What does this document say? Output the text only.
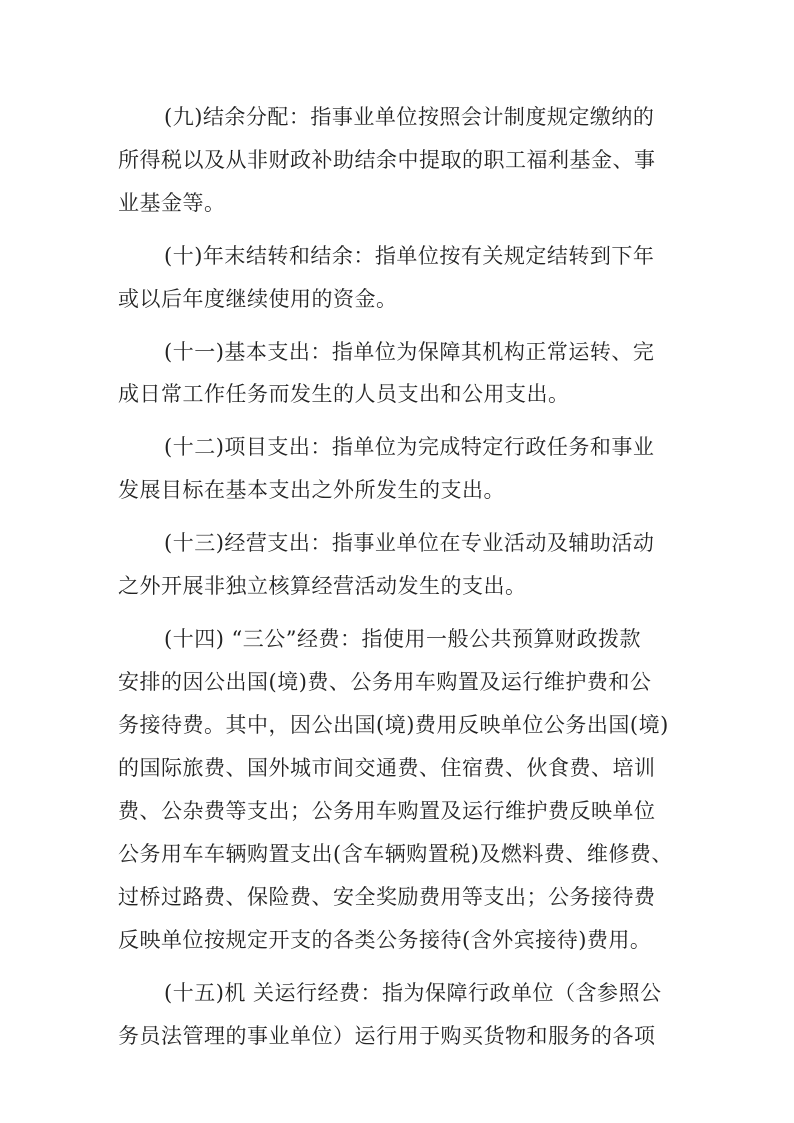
(九)结余分配：指事业单位按照会计制度规定缴纳的
所得税以及从非财政补助结余中提取的职工福利基金、事
业基金等。
(十)年末结转和结余：指单位按有关规定结转到下年
或以后年度继续使用的资金。
(十一)基本支出：指单位为保障其机构正常运转、完
成日常工作任务而发生的人员支出和公用支出。
(十二)项目支出：指单位为完成特定行政任务和事业
发展目标在基本支出之外所发生的支出。
(十三)经营支出：指事业单位在专业活动及辅助活动
之外开展非独立核算经营活动发生的支出。
(十四) “三公”经费：指使用一般公共预算财政拨款
安排的因公出国(境)费、公务用车购置及运行维护费和公
务接待费。其中，因公出国(境)费用反映单位公务出国(境)
的国际旅费、国外城市间交通费、住宿费、伙食费、培训
费、公杂费等支出；公务用车购置及运行维护费反映单位
公务用车车辆购置支出(含车辆购置税)及燃料费、维修费、
过桥过路费、保险费、安全奖励费用等支出；公务接待费
反映单位按规定开支的各类公务接待(含外宾接待)费用。
(十五)机 关运行经费：指为保障行政单位（含参照公
务员法管理的事业单位）运行用于购买货物和服务的各项
